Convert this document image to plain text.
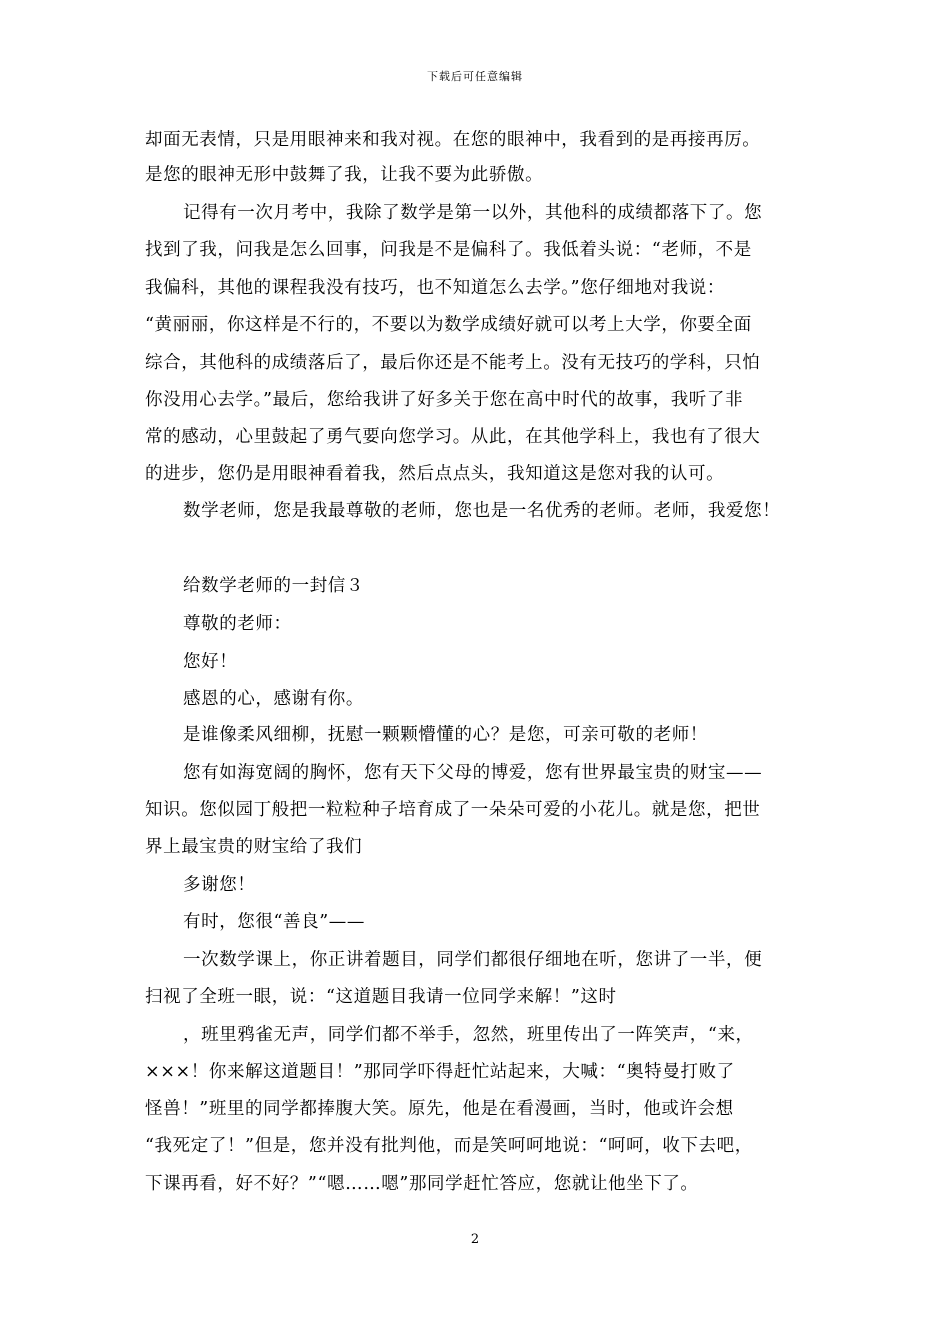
下载后可任意编辑
却面无表情，只是用眼神来和我对视。在您的眼神中，我看到的是再接再厉。
是您的眼神无形中鼓舞了我，让我不要为此骄傲。
记得有一次月考中，我除了数学是第一以外，其他科的成绩都落下了。您
找到了我，问我是怎么回事，问我是不是偏科了。我低着头说：“老师，不是
我偏科，其他的课程我没有技巧，也不知道怎么去学。”您仔细地对我说：
“黄丽丽，你这样是不行的，不要以为数学成绩好就可以考上大学，你要全面
综合，其他科的成绩落后了，最后你还是不能考上。没有无技巧的学科，只怕
你没用心去学。”最后，您给我讲了好多关于您在高中时代的故事，我听了非
常的感动，心里鼓起了勇气要向您学习。从此，在其他学科上，我也有了很大
的进步，您仍是用眼神看着我，然后点点头，我知道这是您对我的认可。
数学老师，您是我最尊敬的老师，您也是一名优秀的老师。老师，我爱您！
给数学老师的一封信３
尊敬的老师：
您好！
感恩的心，感谢有你。
是谁像柔风细柳，抚慰一颗颗懵懂的心？是您，可亲可敬的老师！
您有如海宽阔的胸怀，您有天下父母的博爱，您有世界最宝贵的财宝——
知识。您似园丁般把一粒粒种子培育成了一朵朵可爱的小花儿。就是您，把世
界上最宝贵的财宝给了我们
多谢您！
有时，您很“善良”——
一次数学课上，你正讲着题目，同学们都很仔细地在听，您讲了一半，便
扫视了全班一眼，说：“这道题目我请一位同学来解！”这时
，班里鸦雀无声，同学们都不举手，忽然，班里传出了一阵笑声，“来，
×××！你来解这道题目！”那同学吓得赶忙站起来，大喊：“奥特曼打败了
怪兽！”班里的同学都捧腹大笑。原先，他是在看漫画，当时，他或许会想
“我死定了！”但是，您并没有批判他，而是笑呵呵地说：“呵呵，收下去吧，
下课再看，好不好？”“嗯……嗯”那同学赶忙答应，您就让他坐下了。
2
